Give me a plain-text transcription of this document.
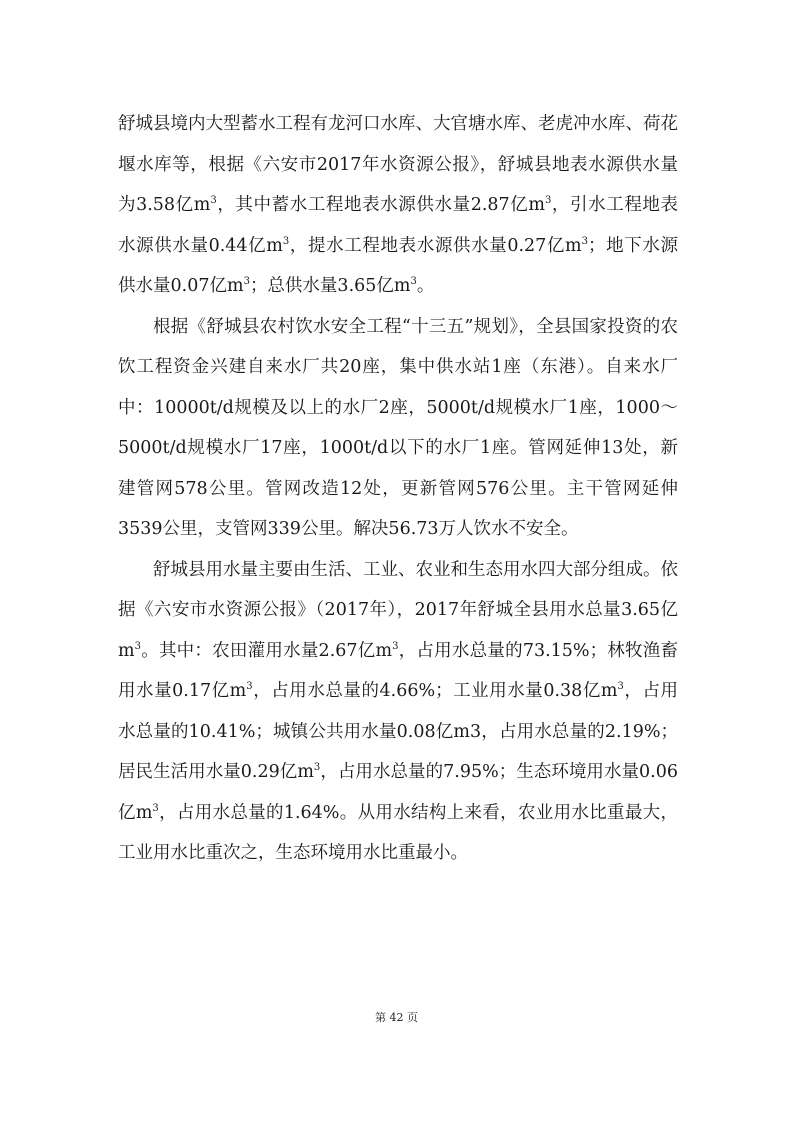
舒城县境内大型蓄水工程有龙河口水库、大官塘水库、老虎冲水库、荷花堰水库等，根据《六安市2017年水资源公报》，舒城县地表水源供水量为3.58亿$m^3$，其中蓄水工程地表水源供水量2.87亿$m^3$，引水工程地表水源供水量0.44亿$m^3$，提水工程地表水源供水量0.27亿$m^3$；地下水源供水量0.07亿$m^3$；总供水量3.65亿$m^3$。

根据《舒城县农村饮水安全工程“十三五”规划》，全县国家投资的农饮工程资金兴建自来水厂共20座，集中供水站1座（东港）。自来水厂中：10000t/d规模及以上的水厂2座，5000t/d规模水厂1座，1000～5000t/d规模水厂17座，1000t/d以下的水厂1座。管网延伸13处，新建管网578公里。管网改造12处，更新管网576公里。主干管网延伸3539公里，支管网339公里。解决56.73万人饮水不安全。

舒城县用水量主要由生活、工业、农业和生态用水四大部分组成。依据《六安市水资源公报》（2017年），2017年舒城全县用水总量3.65亿$m^3$。其中：农田灌用水量2.67亿$m^3$，占用水总量的73.15%；林牧渔畜用水量0.17亿$m^3$，占用水总量的4.66%；工业用水量0.38亿$m^3$，占用水总量的10.41%；城镇公共用水量0.08亿m3，占用水总量的2.19%；居民生活用水量0.29亿$m^3$，占用水总量的7.95%；生态环境用水量0.06亿$m^3$，占用水总量的1.64%。从用水结构上来看，农业用水比重最大，工业用水比重次之，生态环境用水比重最小。

第 42 页
